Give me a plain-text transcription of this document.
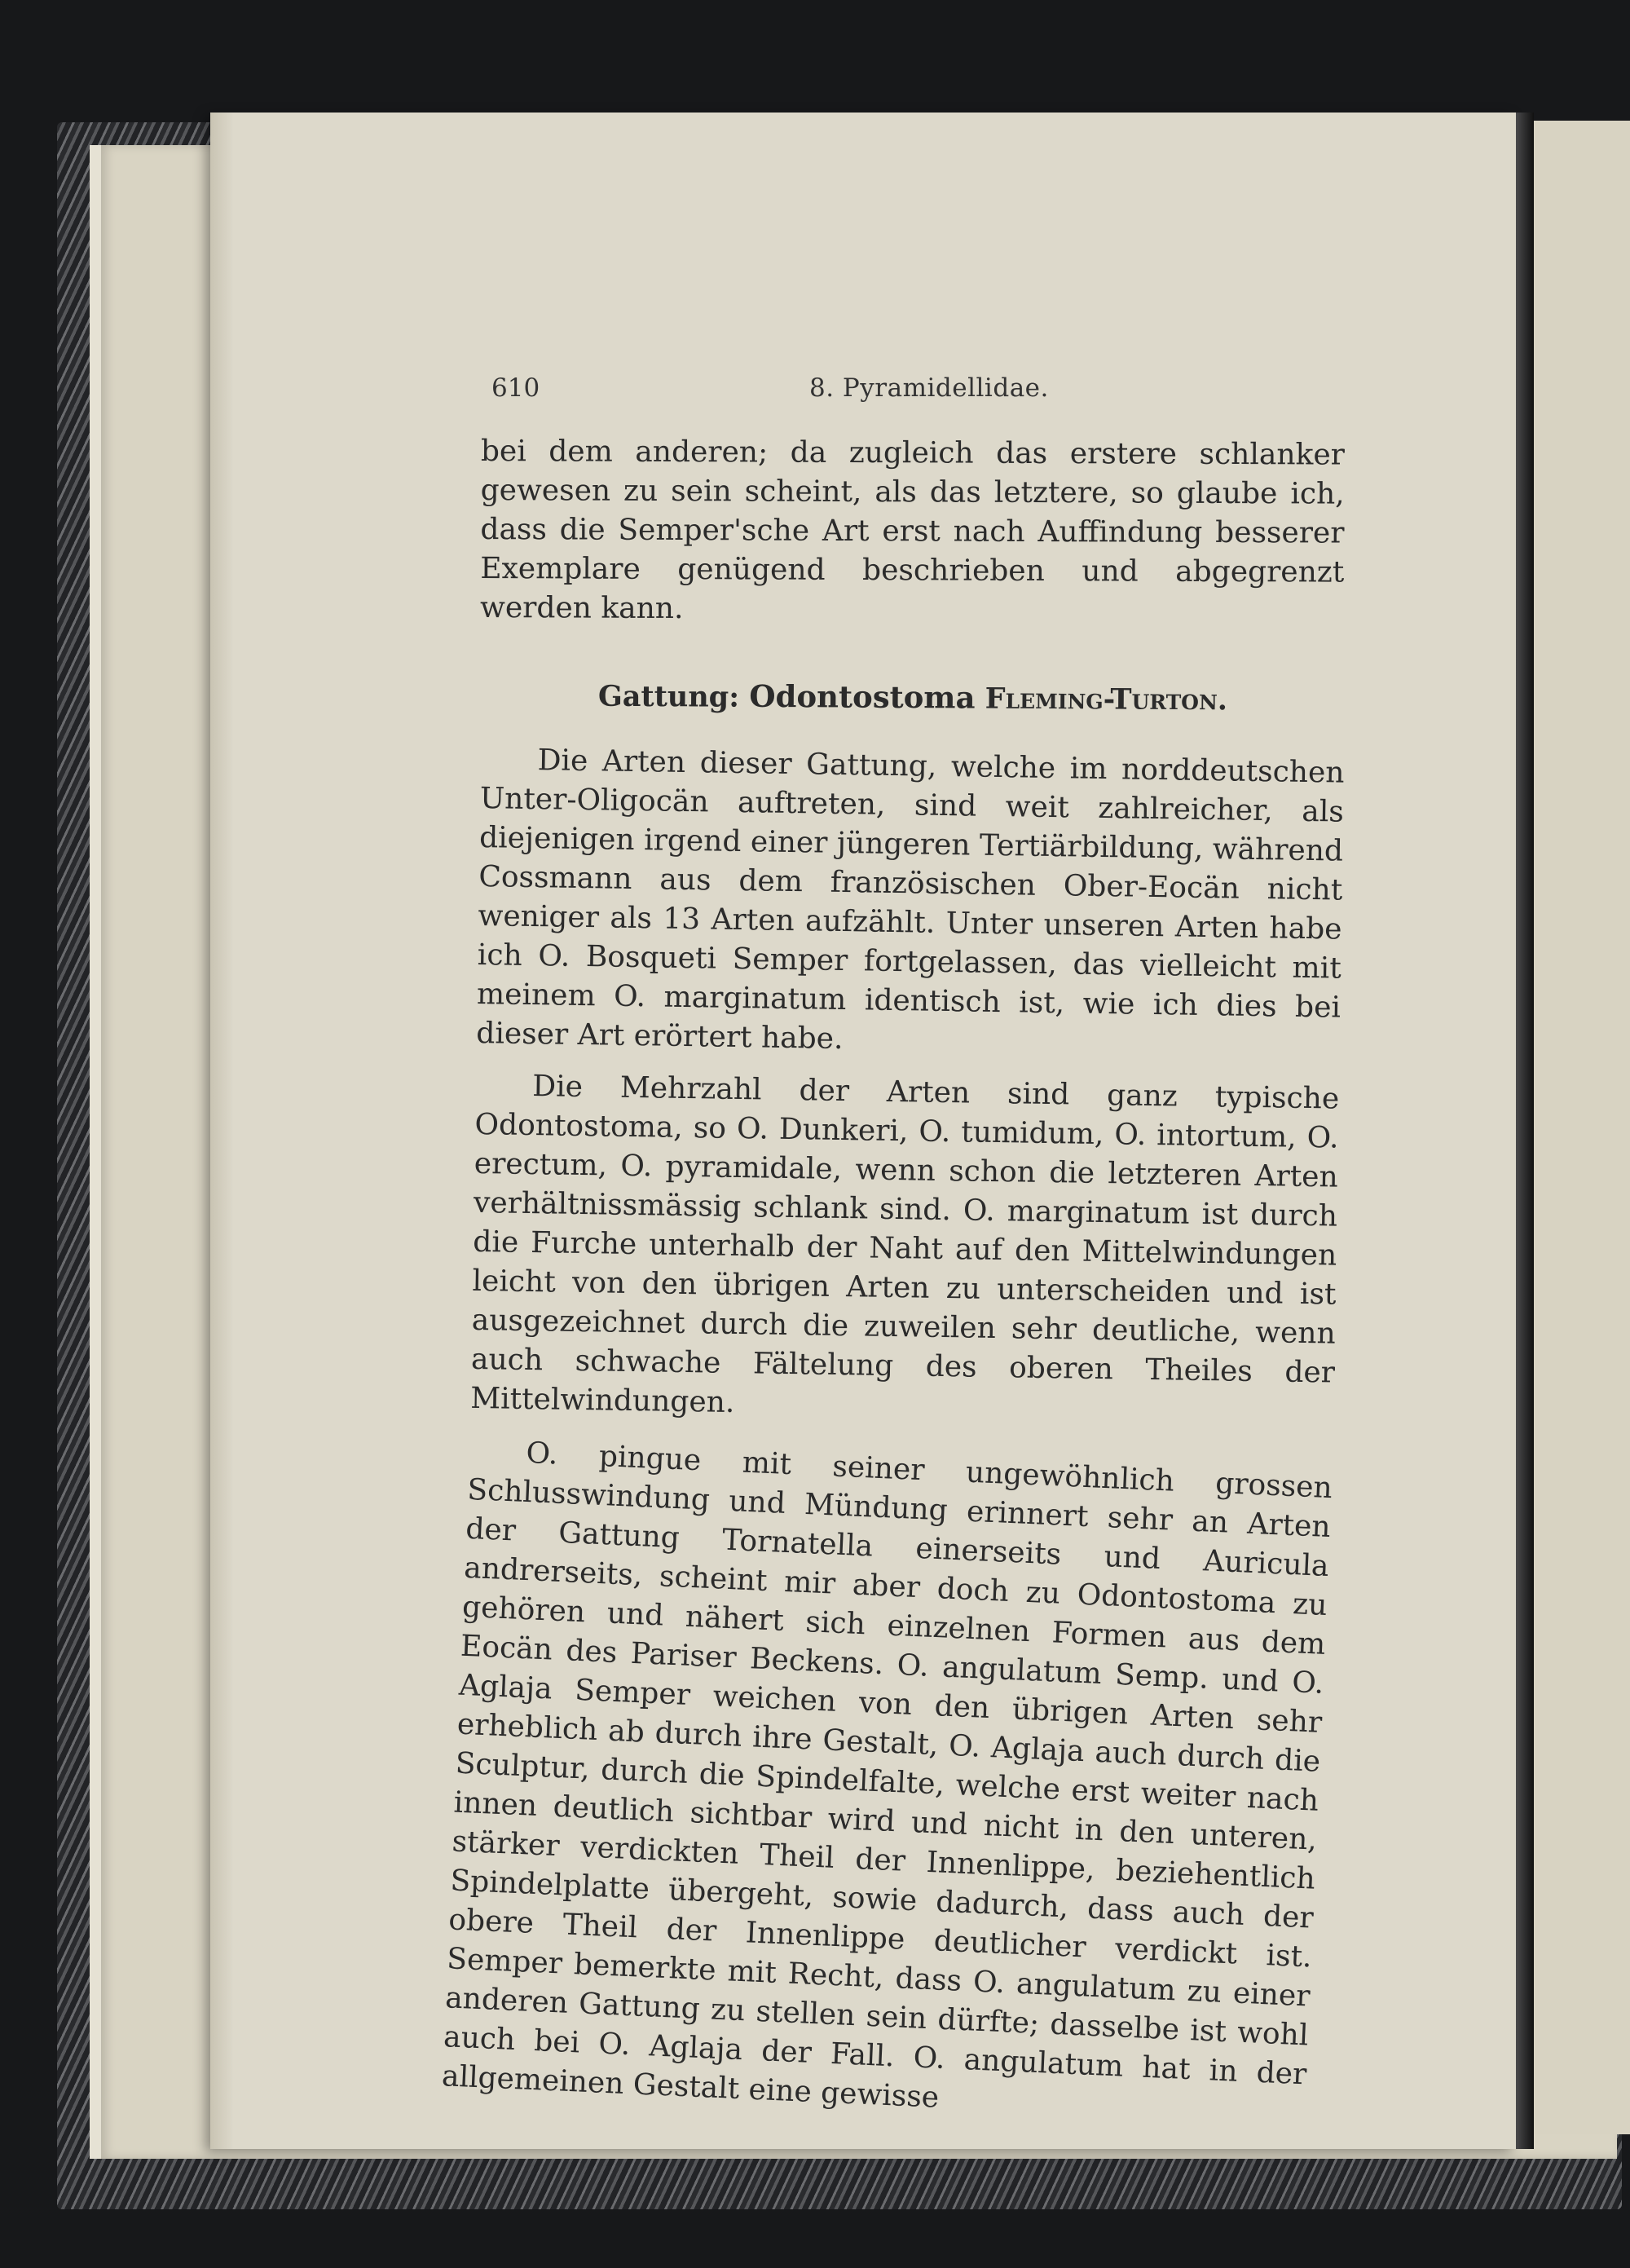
610	8. Pyramidellidae.

bei dem anderen; da zugleich das erstere schlanker gewesen zu sein scheint, als das letztere, so glaube ich, dass die Semper'sche Art erst nach Auffindung besserer Exemplare genügend beschrieben und abgegrenzt werden kann.

Gattung: Odontostoma Fleming-Turton.

Die Arten dieser Gattung, welche im norddeutschen Unter-Oligocän auftreten, sind weit zahlreicher, als diejenigen irgend einer jüngeren Tertiärbildung, während Cossmann aus dem französischen Ober-Eocän nicht weniger als 13 Arten aufzählt. Unter unseren Arten habe ich O. Bosqueti Semper fortgelassen, das vielleicht mit meinem O. marginatum identisch ist, wie ich dies bei dieser Art erörtert habe.

Die Mehrzahl der Arten sind ganz typische Odontostoma, so O. Dunkeri, O. tumidum, O. intortum, O. erectum, O. pyramidale, wenn schon die letzteren Arten verhältnissmässig schlank sind. O. marginatum ist durch die Furche unterhalb der Naht auf den Mittelwindungen leicht von den übrigen Arten zu unterscheiden und ist ausgezeichnet durch die zuweilen sehr deutliche, wenn auch schwache Fältelung des oberen Theiles der Mittelwindungen.

O. pingue mit seiner ungewöhnlich grossen Schlusswindung und Mündung erinnert sehr an Arten der Gattung Tornatella einerseits und Auricula andrerseits, scheint mir aber doch zu Odontostoma zu gehören und nähert sich einzelnen Formen aus dem Eocän des Pariser Beckens. O. angulatum Semp. und O. Aglaja Semper weichen von den übrigen Arten sehr erheblich ab durch ihre Gestalt, O. Aglaja auch durch die Sculptur, durch die Spindelfalte, welche erst weiter nach innen deutlich sichtbar wird und nicht in den unteren, stärker verdickten Theil der Innenlippe, beziehentlich Spindelplatte übergeht, sowie dadurch, dass auch der obere Theil der Innenlippe deutlicher verdickt ist. Semper bemerkte mit Recht, dass O. angulatum zu einer anderen Gattung zu stellen sein dürfte; dasselbe ist wohl auch bei O. Aglaja der Fall. O. angulatum hat in der allgemeinen Gestalt eine gewisse
